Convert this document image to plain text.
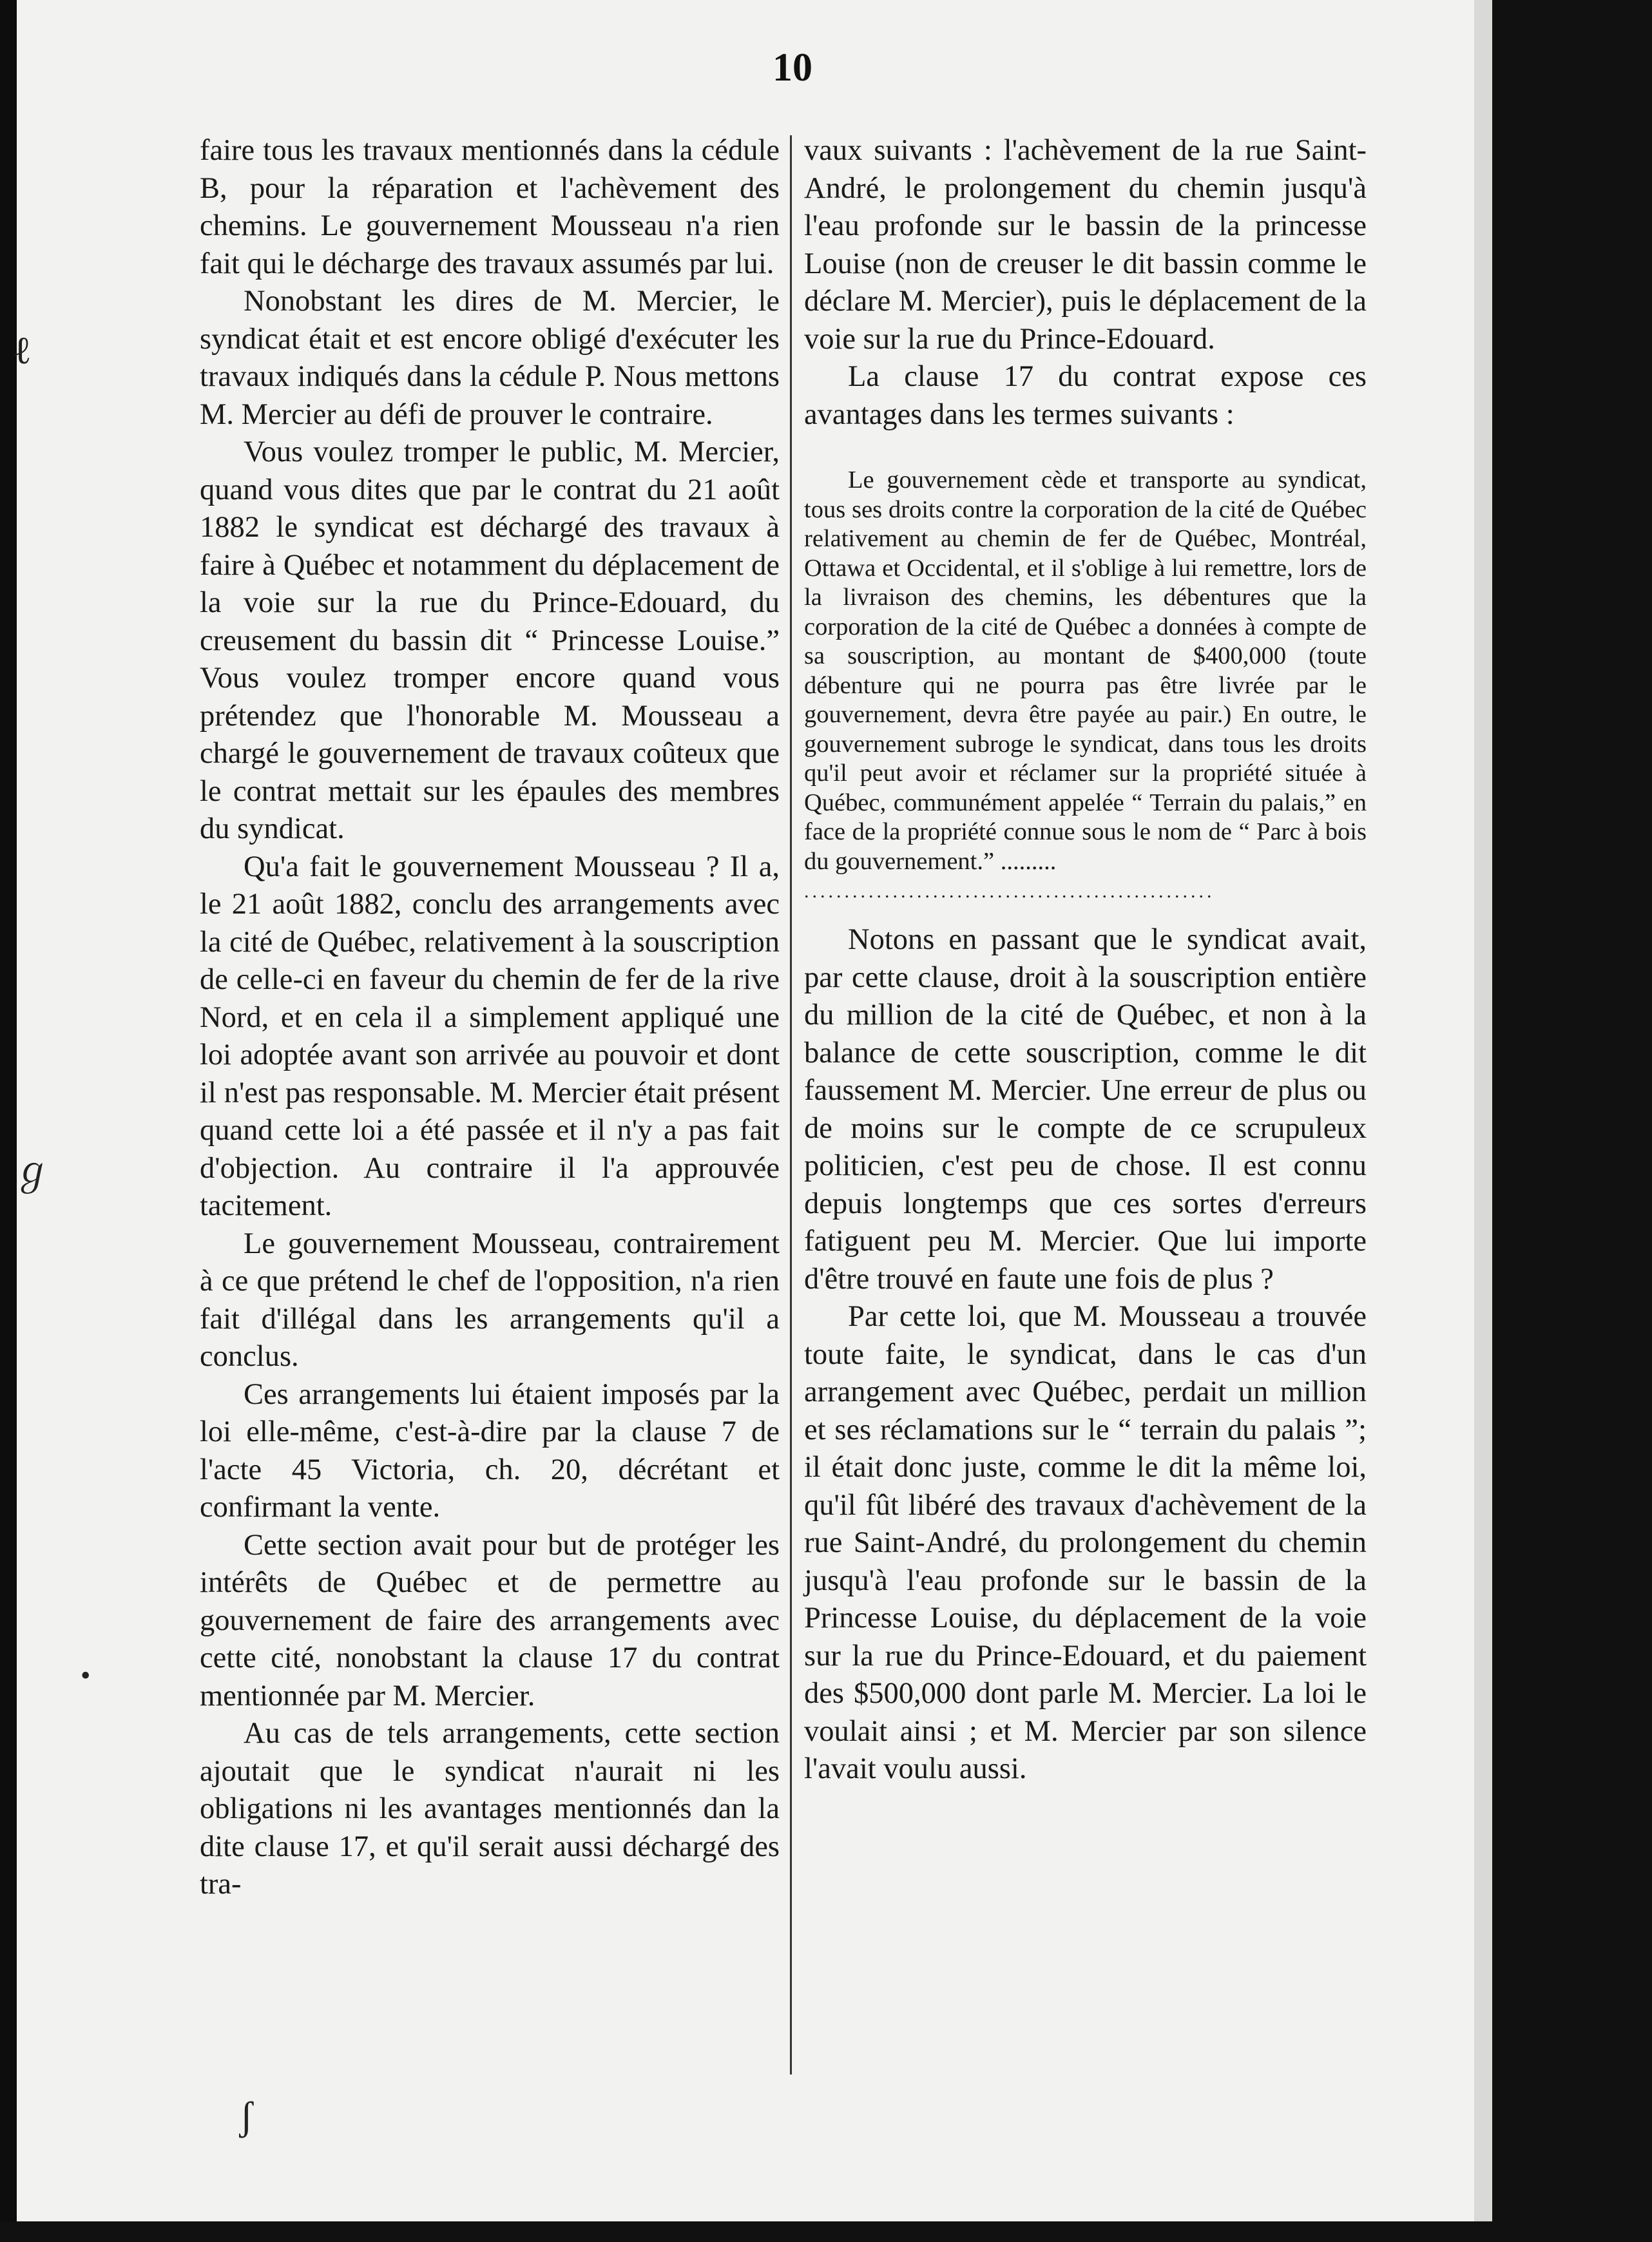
10

faire tous les travaux mentionnés dans la cédule B, pour la réparation et l'achèvement des chemins. Le gouvernement Mousseau n'a rien fait qui le décharge des travaux assumés par lui.

Nonobstant les dires de M. Mercier, le syndicat était et est encore obligé d'exécuter les travaux indiqués dans la cédule P. Nous mettons M. Mercier au défi de prouver le contraire.

Vous voulez tromper le public, M. Mercier, quand vous dites que par le contrat du 21 août 1882 le syndicat est déchargé des travaux à faire à Québec et notamment du déplacement de la voie sur la rue du Prince-Edouard, du creusement du bassin dit “ Princesse Louise.” Vous voulez tromper encore quand vous prétendez que l'honorable M. Mousseau a chargé le gouvernement de travaux coûteux que le contrat mettait sur les épaules des membres du syndicat.

Qu'a fait le gouvernement Mousseau ? Il a, le 21 août 1882, conclu des arrangements avec la cité de Québec, relativement à la souscription de celle-ci en faveur du chemin de fer de la rive Nord, et en cela il a simplement appliqué une loi adoptée avant son arrivée au pouvoir et dont il n'est pas responsable. M. Mercier était présent quand cette loi a été passée et il n'y a pas fait d'objection. Au contraire il l'a approuvée tacitement.

Le gouvernement Mousseau, contrairement à ce que prétend le chef de l'opposition, n'a rien fait d'illégal dans les arrangements qu'il a conclus.

Ces arrangements lui étaient imposés par la loi elle-même, c'est-à-dire par la clause 7 de l'acte 45 Victoria, ch. 20, décrétant et confirmant la vente.

Cette section avait pour but de protéger les intérêts de Québec et de permettre au gouvernement de faire des arrangements avec cette cité, nonobstant la clause 17 du contrat mentionnée par M. Mercier.

Au cas de tels arrangements, cette section ajoutait que le syndicat n'aurait ni les obligations ni les avantages mentionnés dan la dite clause 17, et qu'il serait aussi déchargé des tra-

vaux suivants : l'achèvement de la rue Saint-André, le prolongement du chemin jusqu'à l'eau profonde sur le bassin de la princesse Louise (non de creuser le dit bassin comme le déclare M. Mercier), puis le déplacement de la voie sur la rue du Prince-Edouard.

La clause 17 du contrat expose ces avantages dans les termes suivants :

Le gouvernement cède et transporte au syndicat, tous ses droits contre la corporation de la cité de Québec relativement au chemin de fer de Québec, Montréal, Ottawa et Occidental, et il s'oblige à lui remettre, lors de la livraison des chemins, les débentures que la corporation de la cité de Québec a données à compte de sa souscription, au montant de $400,000 (toute débenture qui ne pourra pas être livrée par le gouvernement, devra être payée au pair.) En outre, le gouvernement subroge le syndicat, dans tous les droits qu'il peut avoir et réclamer sur la propriété située à Québec, communément appelée “ Terrain du palais,” en face de la propriété connue sous le nom de “ Parc à bois du gouvernement.” .........

...................................................

Notons en passant que le syndicat avait, par cette clause, droit à la souscription entière du million de la cité de Québec, et non à la balance de cette souscription, comme le dit faussement M. Mercier. Une erreur de plus ou de moins sur le compte de ce scrupuleux politicien, c'est peu de chose. Il est connu depuis longtemps que ces sortes d'erreurs fatiguent peu M. Mercier. Que lui importe d'être trouvé en faute une fois de plus ?

Par cette loi, que M. Mousseau a trouvée toute faite, le syndicat, dans le cas d'un arrangement avec Québec, perdait un million et ses réclamations sur le “ terrain du palais ”; il était donc juste, comme le dit la même loi, qu'il fût libéré des travaux d'achèvement de la rue Saint-André, du prolongement du chemin jusqu'à l'eau profonde sur le bassin de la Princesse Louise, du déplacement de la voie sur la rue du Prince-Edouard, et du paiement des $500,000 dont parle M. Mercier. La loi le voulait ainsi ; et M. Mercier par son silence l'avait voulu aussi.

ℓ
ℊ
•
ʃ
